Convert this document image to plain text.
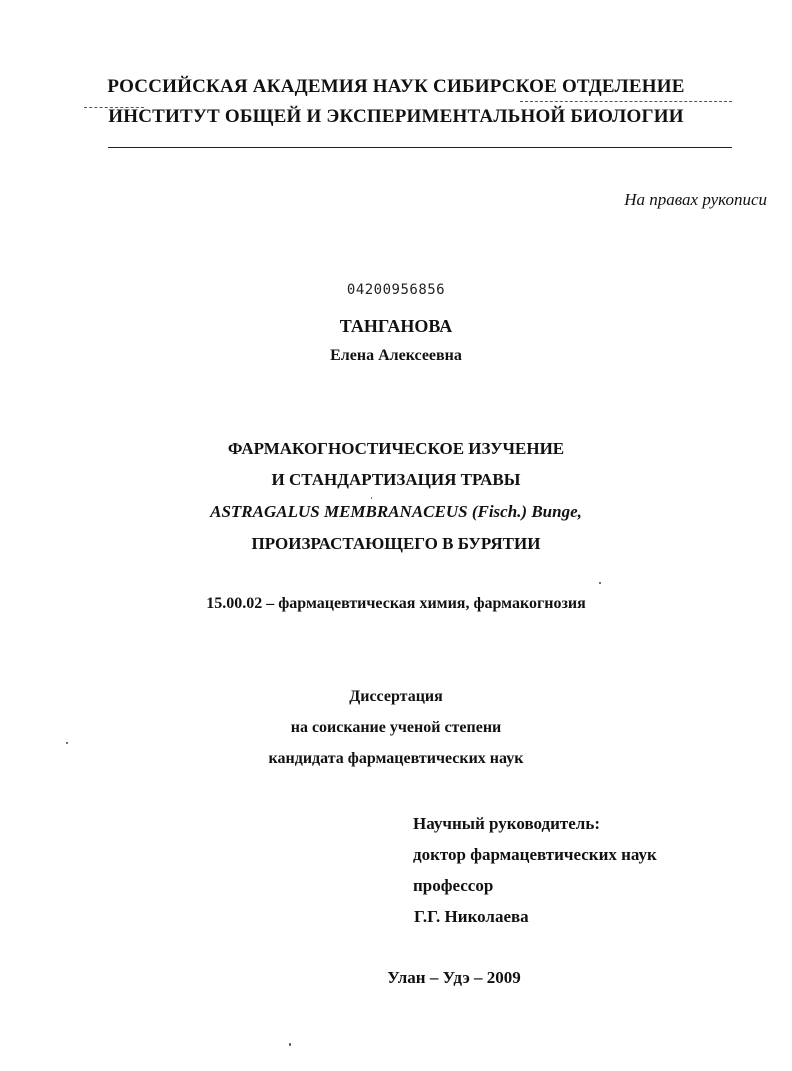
РОССИЙСКАЯ АКАДЕМИЯ НАУК СИБИРСКОЕ ОТДЕЛЕНИЕ
ИНСТИТУТ ОБЩЕЙ И ЭКСПЕРИМЕНТАЛЬНОЙ БИОЛОГИИ
На правах рукописи
04200956856
ТАНГАНОВА
Елена Алексеевна
ФАРМАКОГНОСТИЧЕСКОЕ ИЗУЧЕНИЕ
И СТАНДАРТИЗАЦИЯ ТРАВЫ
ASTRAGALUS MEMBRANACEUS (Fisch.) Bunge,
ПРОИЗРАСТАЮЩЕГО В БУРЯТИИ
15.00.02 – фармацевтическая химия, фармакогнозия
Диссертация
на соискание ученой степени
кандидата фармацевтических наук
Научный руководитель:
доктор фармацевтических наук
профессор
Г.Г. Николаева
Улан – Удэ – 2009
